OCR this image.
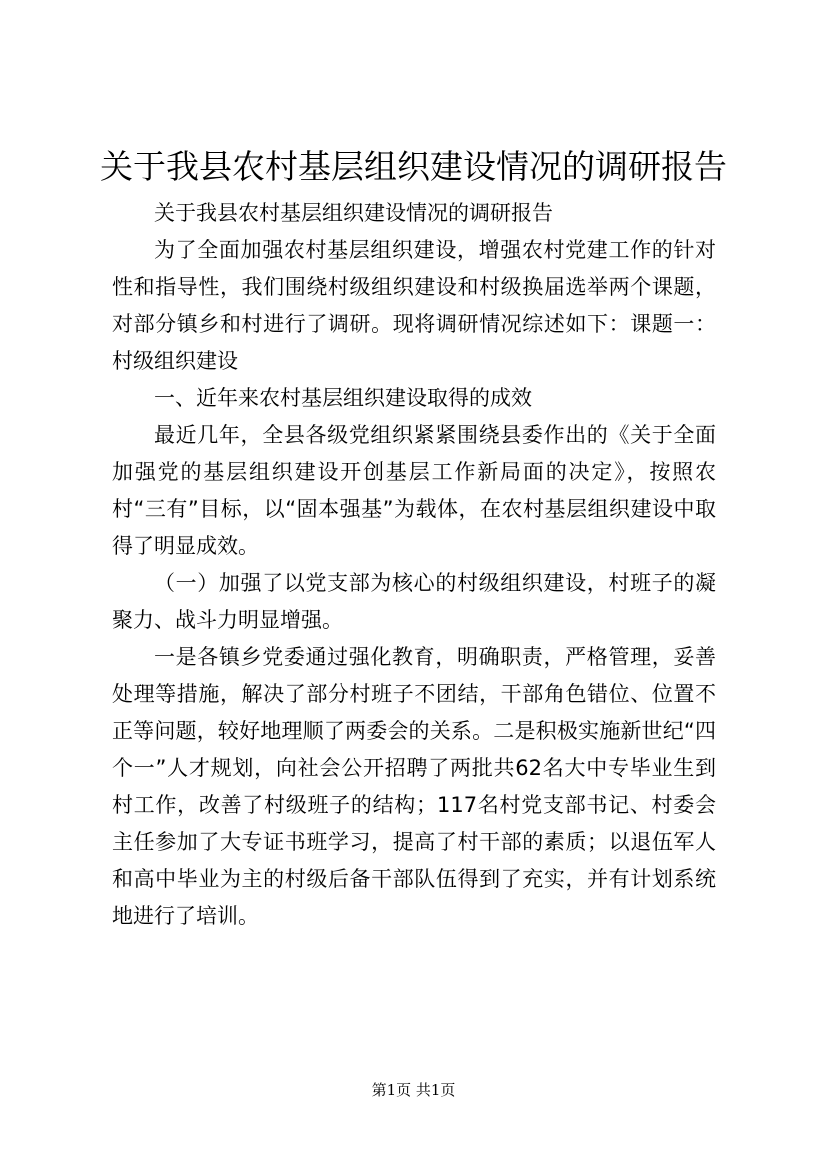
关于我县农村基层组织建设情况的调研报告

关于我县农村基层组织建设情况的调研报告

为了全面加强农村基层组织建设，增强农村党建工作的针对性和指导性，我们围绕村级组织建设和村级换届选举两个课题，对部分镇乡和村进行了调研。现将调研情况综述如下：课题一：村级组织建设

一、近年来农村基层组织建设取得的成效

最近几年，全县各级党组织紧紧围绕县委作出的《关于全面加强党的基层组织建设开创基层工作新局面的决定》，按照农村“三有”目标，以“固本强基”为载体，在农村基层组织建设中取得了明显成效。

（一）加强了以党支部为核心的村级组织建设，村班子的凝聚力、战斗力明显增强。

一是各镇乡党委通过强化教育，明确职责，严格管理，妥善处理等措施，解决了部分村班子不团结，干部角色错位、位置不正等问题，较好地理顺了两委会的关系。二是积极实施新世纪“四个一”人才规划，向社会公开招聘了两批共62名大中专毕业生到村工作，改善了村级班子的结构；117名村党支部书记、村委会主任参加了大专证书班学习，提高了村干部的素质；以退伍军人和高中毕业为主的村级后备干部队伍得到了充实，并有计划系统地进行了培训。

第1页 共1页
